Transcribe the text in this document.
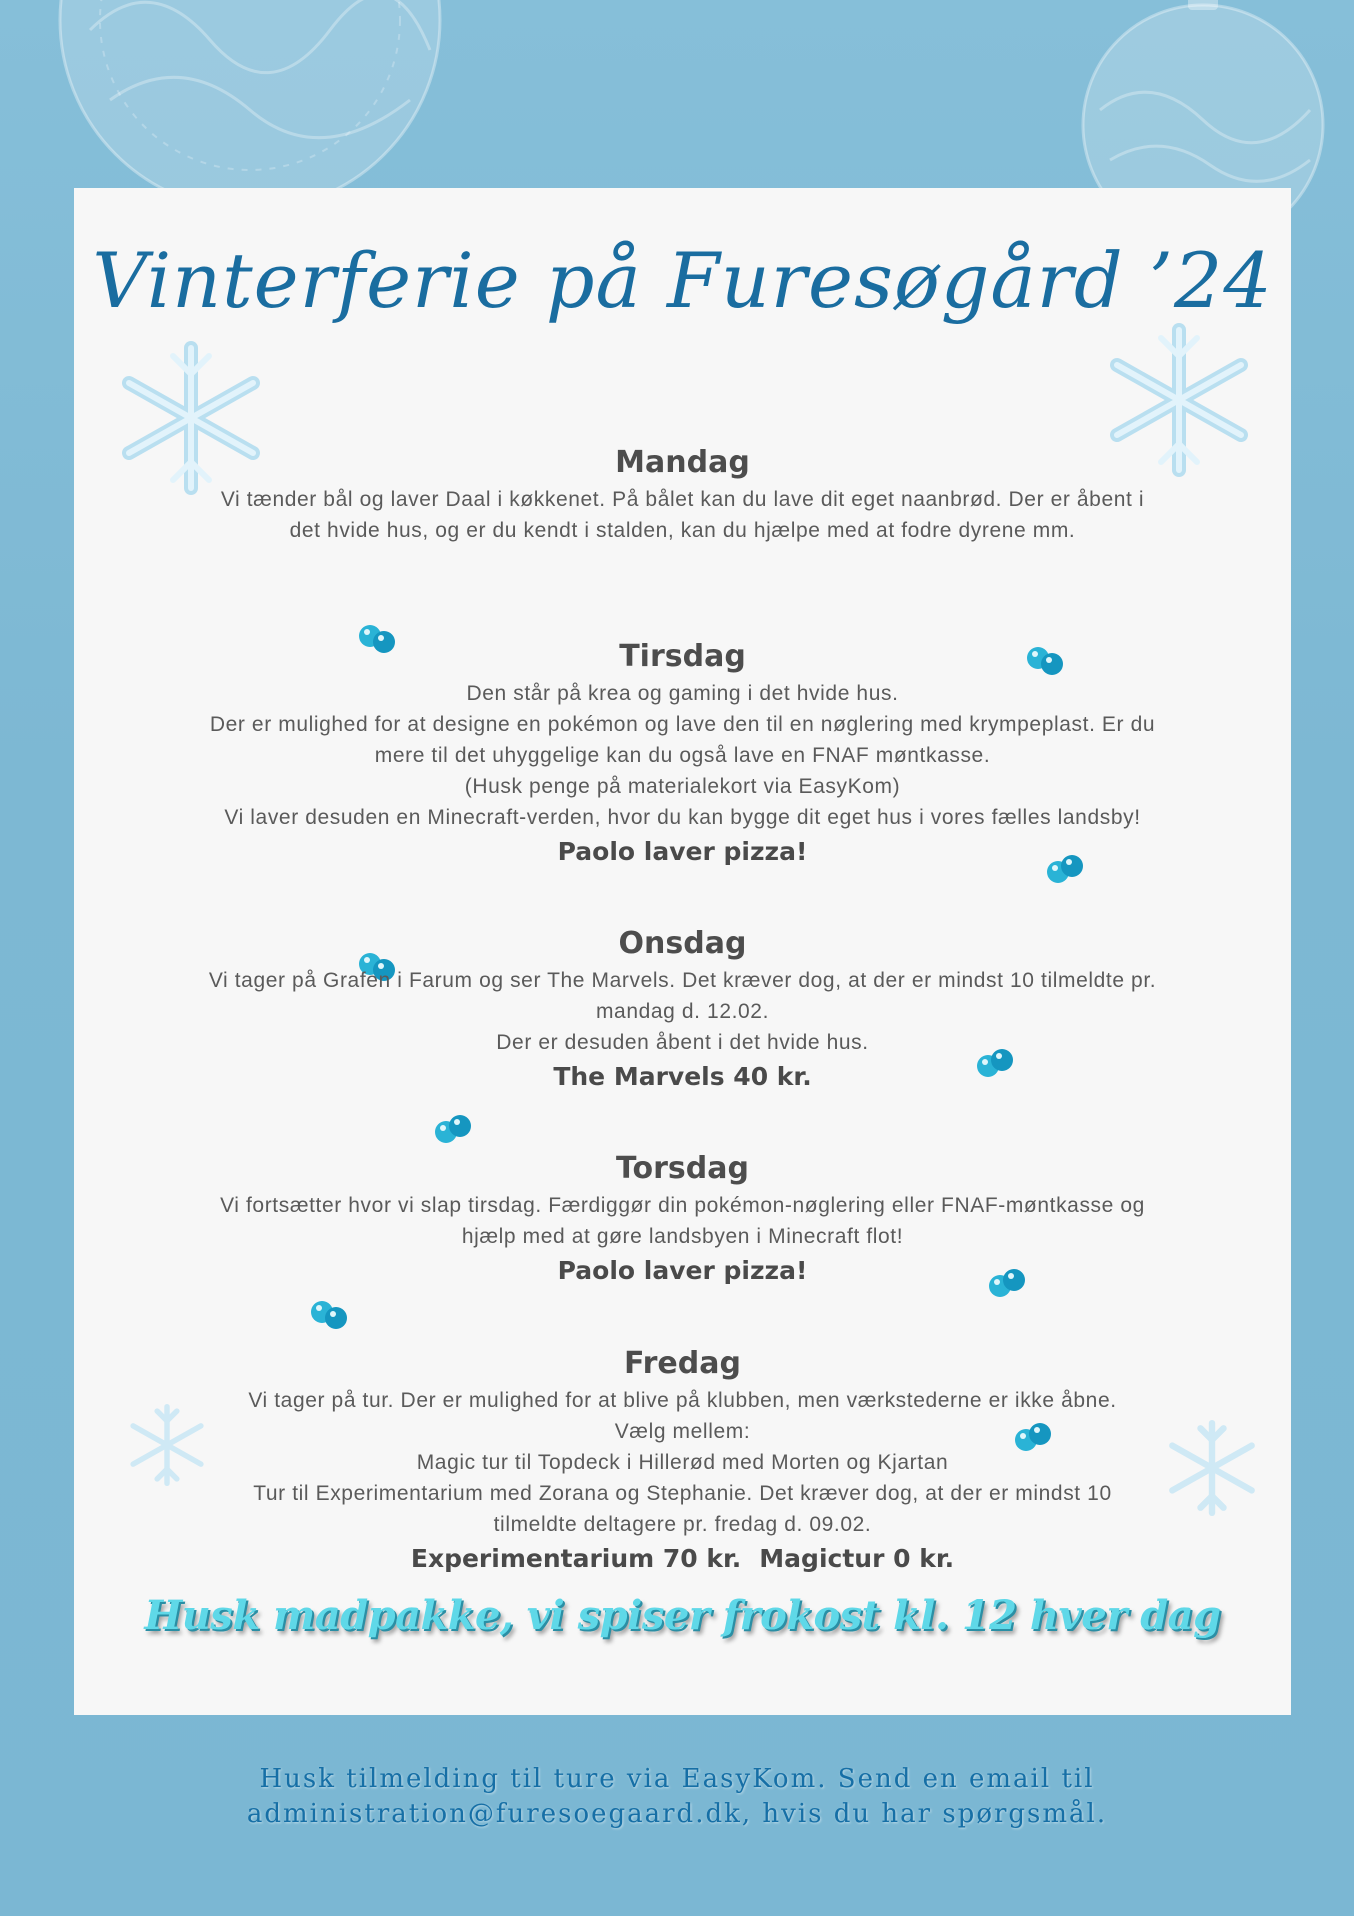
Vinterferie på Furesøgård ’24
Mandag

Vi tænder bål og laver Daal i køkkenet. På bålet kan du lave dit eget naanbrød. Der er åbent i

det hvide hus, og er du kendt i stalden, kan du hjælpe med at fodre dyrene mm.

Tirsdag

Den står på krea og gaming i det hvide hus.

Der er mulighed for at designe en pokémon og lave den til en nøglering med krympeplast. Er du

mere til det uhyggelige kan du også lave en FNAF møntkasse.

(Husk penge på materialekort via EasyKom)

Vi laver desuden en Minecraft-verden, hvor du kan bygge dit eget hus i vores fælles landsby!

Paolo laver pizza!

Onsdag

Vi tager på Grafen i Farum og ser The Marvels. Det kræver dog, at der er mindst 10 tilmeldte pr.

mandag d. 12.02.

Der er desuden åbent i det hvide hus.

The Marvels 40 kr.

Torsdag

Vi fortsætter hvor vi slap tirsdag. Færdiggør din pokémon-nøglering eller FNAF-møntkasse og

hjælp med at gøre landsbyen i Minecraft flot!

Paolo laver pizza!

Fredag

Vi tager på tur. Der er mulighed for at blive på klubben, men værkstederne er ikke åbne.

Vælg mellem:

Magic tur til Topdeck i Hillerød med Morten og Kjartan

Tur til Experimentarium med Zorana og Stephanie. Det kræver dog, at der er mindst 10

tilmeldte deltagere pr. fredag d. 09.02.

Experimentarium 70 kr. Magictur 0 kr.

Husk madpakke, vi spiser frokost kl. 12 hver dag
Husk tilmelding til ture via EasyKom. Send en email til
administration@furesoegaard.dk, hvis du har spørgsmål.
